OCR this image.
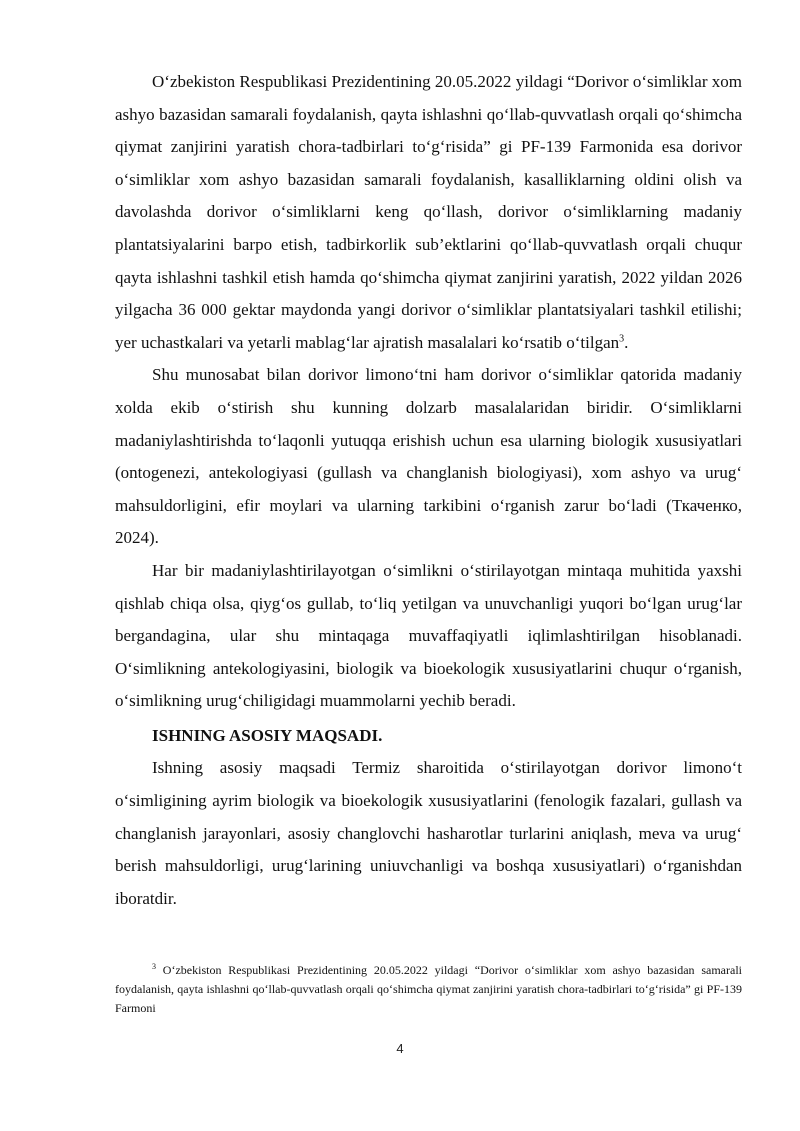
O‘zbekiston Respublikasi Prezidentining 20.05.2022 yildagi “Dorivor o‘simliklar xom ashyo bazasidan samarali foydalanish, qayta ishlashni qo‘llab-quvvatlash orqali qo‘shimcha qiymat zanjirini yaratish chora-tadbirlari to‘g‘risida” gi PF-139 Farmonida esa dorivor o‘simliklar xom ashyo bazasidan samarali foydalanish, kasalliklarning oldini olish va davolashda dorivor o‘simliklarni keng qo‘llash, dorivor o‘simliklarning madaniy plantatsiyalarini barpo etish, tadbirkorlik sub’ektlarini qo‘llab-quvvatlash orqali chuqur qayta ishlashni tashkil etish hamda qo‘shimcha qiymat zanjirini yaratish, 2022 yildan 2026 yilgacha 36 000 gektar maydonda yangi dorivor o‘simliklar plantatsiyalari tashkil etilishi; yer uchastkalari va yetarli mablag‘lar ajratish masalalari ko‘rsatib o‘tilgan$^3$.

Shu munosabat bilan dorivor limono‘tni ham dorivor o‘simliklar qatorida madaniy xolda ekib o‘stirish shu kunning dolzarb masalalaridan biridir. O‘simliklarni madaniylashtirishda to‘laqonli yutuqqa erishish uchun esa ularning biologik xususiyatlari (ontogenezi, antekologiyasi (gullash va changlanish biologiyasi), xom ashyo va urug‘ mahsuldorligini, efir moylari va ularning tarkibini o‘rganish zarur bo‘ladi (Ткаченко, 2024).

Har bir madaniylashtirilayotgan o‘simlikni o‘stirilayotgan mintaqa muhitida yaxshi qishlab chiqa olsa, qiyg‘os gullab, to‘liq yetilgan va unuvchanligi yuqori bo‘lgan urug‘lar bergandagina, ular shu mintaqaga muvaffaqiyatli iqlimlashtirilgan hisoblanadi. O‘simlikning antekologiyasini, biologik va bioekologik xususiyatlarini chuqur o‘rganish, o‘simlikning urug‘chiligidagi muammolarni yechib beradi.

ISHNING ASOSIY MAQSADI.

Ishning asosiy maqsadi Termiz sharoitida o‘stirilayotgan dorivor limono‘t o‘simligining ayrim biologik va bioekologik xususiyatlarini (fenologik fazalari, gullash va changlanish jarayonlari, asosiy changlovchi hasharotlar turlarini aniqlash, meva va urug‘ berish mahsuldorligi, urug‘larining uniuvchanligi va boshqa xususiyatlari) o‘rganishdan iboratdir.

$^3$ O‘zbekiston Respublikasi Prezidentining 20.05.2022 yildagi “Dorivor o‘simliklar xom ashyo bazasidan samarali foydalanish, qayta ishlashni qo‘llab-quvvatlash orqali qo‘shimcha qiymat zanjirini yaratish chora-tadbirlari to‘g‘risida” gi PF-139 Farmoni

4
